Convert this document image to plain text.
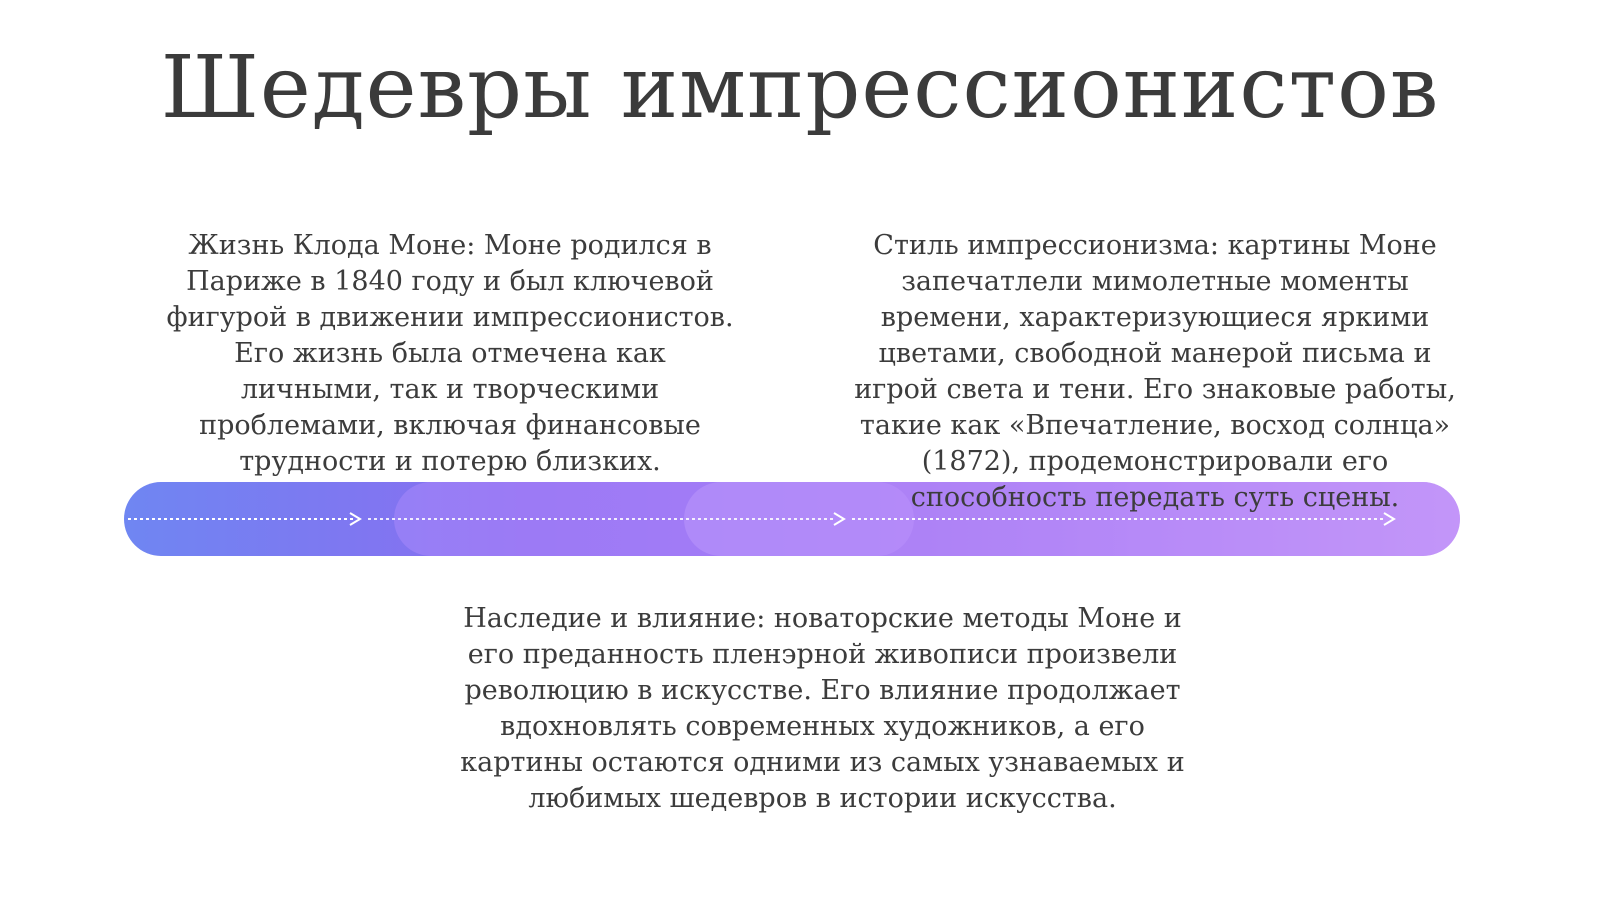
Шедевры импрессионистов

Жизнь Клода Моне: Моне родился в Париже в 1840 году и был ключевой фигурой в движении импрессионистов. Его жизнь была отмечена как личными, так и творческими проблемами, включая финансовые трудности и потерю близких.

Стиль импрессионизма: картины Моне запечатлели мимолетные моменты времени, характеризующиеся яркими цветами, свободной манерой письма и игрой света и тени. Его знаковые работы, такие как «Впечатление, восход солнца» (1872), продемонстрировали его способность передать суть сцены.

Наследие и влияние: новаторские методы Моне и его преданность пленэрной живописи произвели революцию в искусстве. Его влияние продолжает вдохновлять современных художников, а его картины остаются одними из самых узнаваемых и любимых шедевров в истории искусства.
